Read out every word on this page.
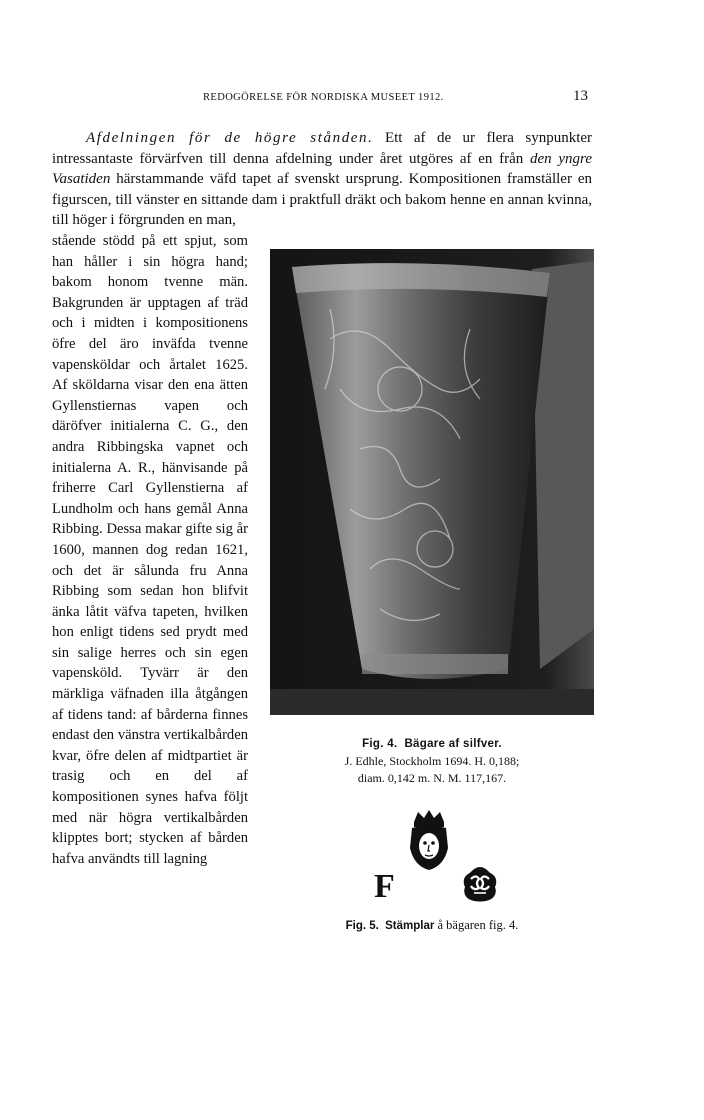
REDOGÖRELSE FÖR NORDISKA MUSEET 1912.	13

Afdelningen för de högre stånden. Ett af de ur flera synpunkter intressantaste förvärfven till denna afdelning under året utgöres af en från den yngre Vasatiden härstammande väfd tapet af svenskt ursprung. Kompositionen framställer en figurscen, till vänster en sittande dam i praktfull dräkt och bakom henne en annan kvinna, till höger i förgrunden en man,

stående stödd på ett spjut, som han håller i sin högra hand; bakom honom tvenne män. Bakgrunden är upptagen af träd och i midten i kompositionens öfre del äro inväfda tvenne vapensköldar och årtalet 1625. Af sköldarna visar den ena ätten Gyllenstiernas vapen och däröfver initialerna C. G., den andra Ribbingska vapnet och initialerna A. R., hänvisande på friherre Carl Gyllenstierna af Lundholm och hans gemål Anna Ribbing. Dessa makar gifte sig år 1600, mannen dog redan 1621, och det är sålunda fru Anna Ribbing som sedan hon blifvit änka låtit väfva tapeten, hvilken hon enligt tidens sed prydt med sin salige herres och sin egen vapensköld. Tyvärr är den märkliga väfnaden illa åtgången af tidens tand: af bårderna finnes endast den vänstra vertikalbården kvar, öfre delen af midtpartiet är trasig och en del af kompositionen synes hafva följt med när högra vertikalbården klipptes bort; stycken af bården hafva användts till lagning

Fig. 4. Bägare af silfver.
J. Edhle, Stockholm 1694. H. 0,188;
diam. 0,142 m. N. M. 117,167.
F
Fig. 5. Stämplar å bägaren fig. 4.
